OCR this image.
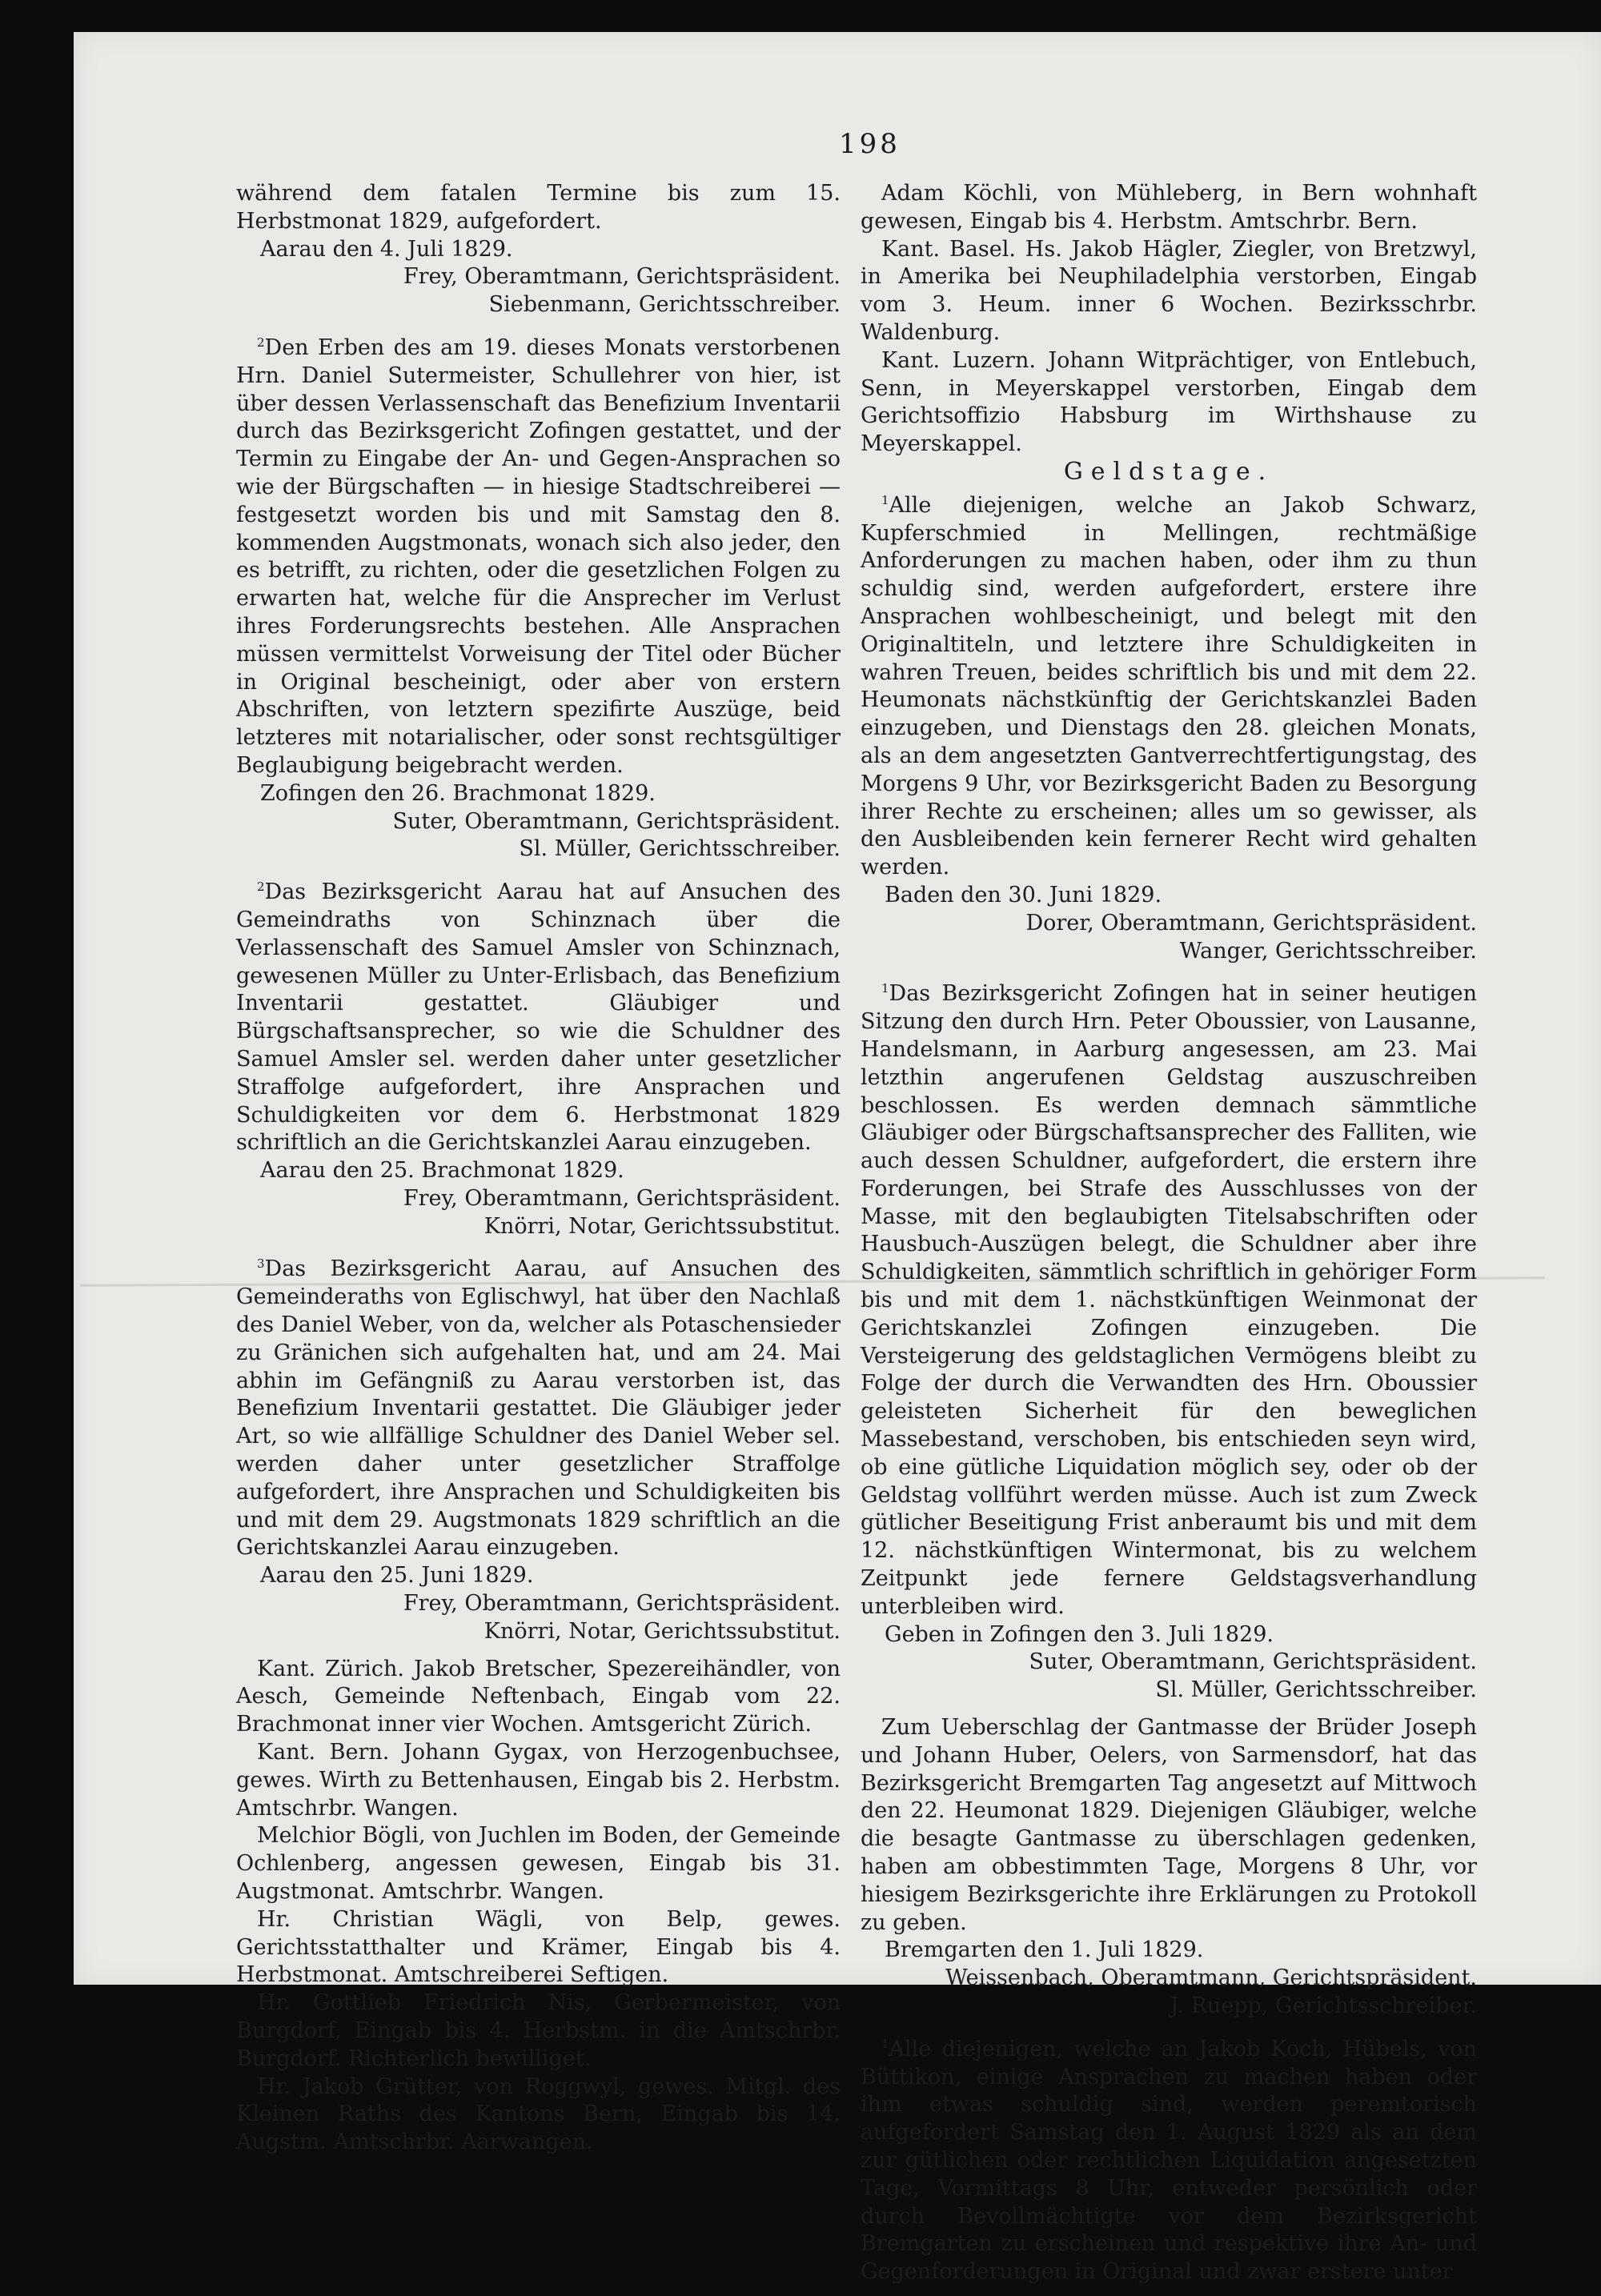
198

während dem fatalen Termine bis zum 15. Herbstmonat 1829, aufgefordert.

Aarau den 4. Juli 1829.

Frey, Oberamtmann, Gerichtspräsident.

Siebenmann, Gerichtsschreiber.

$^2$Den Erben des am 19. dieses Monats verstorbenen Hrn. Daniel Sutermeister, Schullehrer von hier, ist über dessen Verlassenschaft das Benefizium Inventarii durch das Bezirksgericht Zofingen gestattet, und der Termin zu Eingabe der An- und Gegen-Ansprachen so wie der Bürgschaften — in hiesige Stadtschreiberei — festgesetzt worden bis und mit Samstag den 8. kommenden Augstmonats, wonach sich also jeder, den es betrifft, zu richten, oder die gesetzlichen Folgen zu erwarten hat, welche für die Ansprecher im Verlust ihres Forderungsrechts bestehen. Alle Ansprachen müssen vermittelst Vorweisung der Titel oder Bücher in Original bescheinigt, oder aber von erstern Abschriften, von letztern spezifirte Auszüge, beid letzteres mit notarialischer, oder sonst rechtsgültiger Beglaubigung beigebracht werden.

Zofingen den 26. Brachmonat 1829.

Suter, Oberamtmann, Gerichtspräsident.

Sl. Müller, Gerichtsschreiber.

$^2$Das Bezirksgericht Aarau hat auf Ansuchen des Gemeindraths von Schinznach über die Verlassenschaft des Samuel Amsler von Schinznach, gewesenen Müller zu Unter-Erlisbach, das Benefizium Inventarii gestattet. Gläubiger und Bürgschaftsansprecher, so wie die Schuldner des Samuel Amsler sel. werden daher unter gesetzlicher Straffolge aufgefordert, ihre Ansprachen und Schuldigkeiten vor dem 6. Herbstmonat 1829 schriftlich an die Gerichtskanzlei Aarau einzugeben.

Aarau den 25. Brachmonat 1829.

Frey, Oberamtmann, Gerichtspräsident.

Knörri, Notar, Gerichtssubstitut.

$^3$Das Bezirksgericht Aarau, auf Ansuchen des Gemeinderaths von Eglischwyl, hat über den Nachlaß des Daniel Weber, von da, welcher als Potaschensieder zu Gränichen sich aufgehalten hat, und am 24. Mai abhin im Gefängniß zu Aarau verstorben ist, das Benefizium Inventarii gestattet. Die Gläubiger jeder Art, so wie allfällige Schuldner des Daniel Weber sel. werden daher unter gesetzlicher Straffolge aufgefordert, ihre Ansprachen und Schuldigkeiten bis und mit dem 29. Augstmonats 1829 schriftlich an die Gerichtskanzlei Aarau einzugeben.

Aarau den 25. Juni 1829.

Frey, Oberamtmann, Gerichtspräsident.

Knörri, Notar, Gerichtssubstitut.

Kant. Zürich. Jakob Bretscher, Spezereihändler, von Aesch, Gemeinde Neftenbach, Eingab vom 22. Brachmonat inner vier Wochen. Amtsgericht Zürich.

Kant. Bern. Johann Gygax, von Herzogenbuchsee, gewes. Wirth zu Bettenhausen, Eingab bis 2. Herbstm. Amtschrbr. Wangen.

Melchior Bögli, von Juchlen im Boden, der Gemeinde Ochlenberg, angessen gewesen, Eingab bis 31. Augstmonat. Amtschrbr. Wangen.

Hr. Christian Wägli, von Belp, gewes. Gerichtsstatthalter und Krämer, Eingab bis 4. Herbstmonat. Amtschreiberei Seftigen.

Hr. Gottlieb Friedrich Nis, Gerbermeister, von Burgdorf, Eingab bis 4. Herbstm. in die Amtschrbr. Burgdorf. Richterlich bewilliget.

Hr. Jakob Grütter, von Roggwyl, gewes. Mitgl. des Kleinen Raths des Kantons Bern, Eingab bis 14. Augstm. Amtschrbr. Aarwangen.

Adam Köchli, von Mühleberg, in Bern wohnhaft gewesen, Eingab bis 4. Herbstm. Amtschrbr. Bern.

Kant. Basel. Hs. Jakob Hägler, Ziegler, von Bretzwyl, in Amerika bei Neuphiladelphia verstorben, Eingab vom 3. Heum. inner 6 Wochen. Bezirksschrbr. Waldenburg.

Kant. Luzern. Johann Witprächtiger, von Entlebuch, Senn, in Meyerskappel verstorben, Eingab dem Gerichtsoffizio Habsburg im Wirthshause zu Meyerskappel.

Geldstage.

$^1$Alle diejenigen, welche an Jakob Schwarz, Kupferschmied in Mellingen, rechtmäßige Anforderungen zu machen haben, oder ihm zu thun schuldig sind, werden aufgefordert, erstere ihre Ansprachen wohlbescheinigt, und belegt mit den Originaltiteln, und letztere ihre Schuldigkeiten in wahren Treuen, beides schriftlich bis und mit dem 22. Heumonats nächstkünftig der Gerichtskanzlei Baden einzugeben, und Dienstags den 28. gleichen Monats, als an dem angesetzten Gantverrechtfertigungstag, des Morgens 9 Uhr, vor Bezirksgericht Baden zu Besorgung ihrer Rechte zu erscheinen; alles um so gewisser, als den Ausbleibenden kein fernerer Recht wird gehalten werden.

Baden den 30. Juni 1829.

Dorer, Oberamtmann, Gerichtspräsident.

Wanger, Gerichtsschreiber.

$^1$Das Bezirksgericht Zofingen hat in seiner heutigen Sitzung den durch Hrn. Peter Oboussier, von Lausanne, Handelsmann, in Aarburg angesessen, am 23. Mai letzthin angerufenen Geldstag auszuschreiben beschlossen. Es werden demnach sämmtliche Gläubiger oder Bürgschaftsansprecher des Falliten, wie auch dessen Schuldner, aufgefordert, die erstern ihre Forderungen, bei Strafe des Ausschlusses von der Masse, mit den beglaubigten Titelsabschriften oder Hausbuch-Auszügen belegt, die Schuldner aber ihre Schuldigkeiten, sämmtlich schriftlich in gehöriger Form bis und mit dem 1. nächstkünftigen Weinmonat der Gerichtskanzlei Zofingen einzugeben. Die Versteigerung des geldstaglichen Vermögens bleibt zu Folge der durch die Verwandten des Hrn. Oboussier geleisteten Sicherheit für den beweglichen Massebestand, verschoben, bis entschieden seyn wird, ob eine gütliche Liquidation möglich sey, oder ob der Geldstag vollführt werden müsse. Auch ist zum Zweck gütlicher Beseitigung Frist anberaumt bis und mit dem 12. nächstkünftigen Wintermonat, bis zu welchem Zeitpunkt jede fernere Geldstagsverhandlung unterbleiben wird.

Geben in Zofingen den 3. Juli 1829.

Suter, Oberamtmann, Gerichtspräsident.

Sl. Müller, Gerichtsschreiber.

Zum Ueberschlag der Gantmasse der Brüder Joseph und Johann Huber, Oelers, von Sarmensdorf, hat das Bezirksgericht Bremgarten Tag angesetzt auf Mittwoch den 22. Heumonat 1829. Diejenigen Gläubiger, welche die besagte Gantmasse zu überschlagen gedenken, haben am obbestimmten Tage, Morgens 8 Uhr, vor hiesigem Bezirksgerichte ihre Erklärungen zu Protokoll zu geben.

Bremgarten den 1. Juli 1829.

Weissenbach, Oberamtmann, Gerichtspräsident.

J. Ruepp, Gerichtsschreiber.

$^1$Alle diejenigen, welche an Jakob Koch, Hübels, von Büttikon, einige Ansprachen zu machen haben oder ihm etwas schuldig sind, werden peremtorisch aufgefordert Samstag den 1. August 1829 als an dem zur gütlichen oder rechtlichen Liquidation angesetzten Tage, Vormittags 8 Uhr, entweder persönlich oder durch Bevollmächtigte vor dem Bezirksgericht Bremgarten zu erscheinen und respektive ihre An- und Gegenforderungen in Original und zwar erstere unter
